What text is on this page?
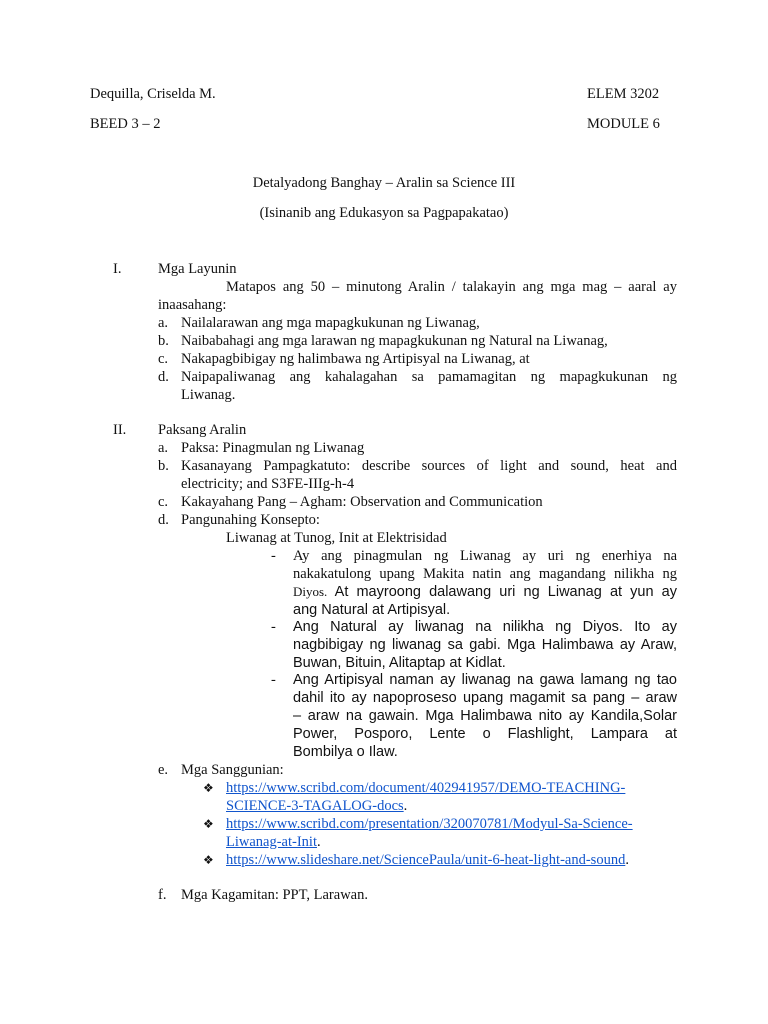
Dequilla, Criselda M.	ELEM 3202
BEED 3 – 2	MODULE 6
Detalyadong Banghay – Aralin sa Science III
(Isinanib ang Edukasyon sa Pagpapakatao)
I.	Mga Layunin
Matapos ang 50 – minutong Aralin / talakayin ang mga mag – aaral ay
inaasahang:
a. Nailalarawan ang mga mapagkukunan ng Liwanag,
b. Naibabahagi ang mga larawan ng mapagkukunan ng Natural na Liwanag,
c. Nakapagbibigay ng halimbawa ng Artipisyal na Liwanag, at
d. Naipapaliwanag ang kahalagahan sa pamamagitan ng mapagkukunan ng
Liwanag.
II. Paksang Aralin
a. Paksa: Pinagmulan ng Liwanag
b. Kasanayang Pampagkatuto: describe sources of light and sound, heat and
electricity; and S3FE-IIIg-h-4
c. Kakayahang Pang – Agham: Observation and Communication
d. Pangunahing Konsepto:
Liwanag at Tunog, Init at Elektrisidad
- Ay ang pinagmulan ng Liwanag ay uri ng enerhiya na
nakakatulong upang Makita natin ang magandang nilikha ng
Diyos. At mayroong dalawang uri ng Liwanag at yun ay
ang Natural at Artipisyal.
- Ang Natural ay liwanag na nilikha ng Diyos. Ito ay
nagbibigay ng liwanag sa gabi. Mga Halimbawa ay Araw,
Buwan, Bituin, Alitaptap at Kidlat.
- Ang Artipisyal naman ay liwanag na gawa lamang ng tao
dahil ito ay napoproseso upang magamit sa pang – araw
– araw na gawain. Mga Halimbawa nito ay Kandila,Solar
Power, Posporo, Lente o Flashlight, Lampara at
Bombilya o Ilaw.
e. Mga Sanggunian:
❖ https://www.scribd.com/document/402941957/DEMO-TEACHING-
SCIENCE-3-TAGALOG-docs.
❖ https://www.scribd.com/presentation/320070781/Modyul-Sa-Science-
Liwanag-at-Init.
❖ https://www.slideshare.net/SciencePaula/unit-6-heat-light-and-sound.
f. Mga Kagamitan: PPT, Larawan.
